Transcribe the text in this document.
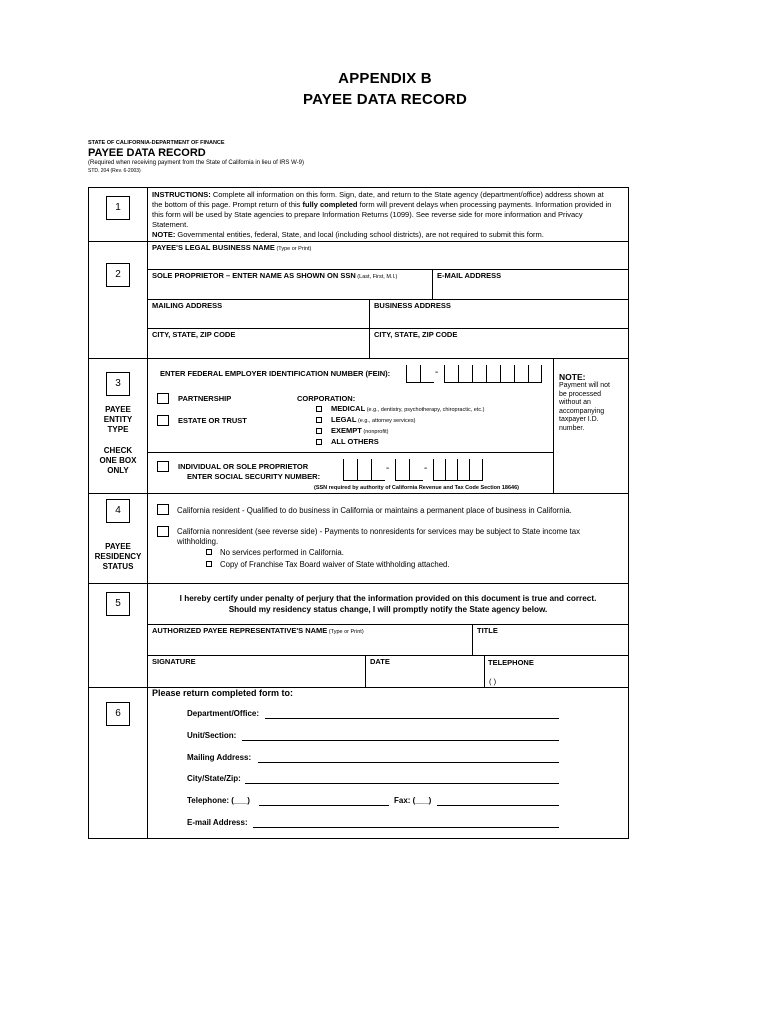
APPENDIX B
PAYEE DATA RECORD
STATE OF CALIFORNIA-DEPARTMENT OF FINANCE
PAYEE DATA RECORD
(Required when receiving payment from the State of California in lieu of IRS W-9)
STD. 204 (Rev. 6-2003)
1
INSTRUCTIONS: Complete all information on this form. Sign, date, and return to the State agency (department/office) address shown at
the bottom of this page. Prompt return of this fully completed form will prevent delays when processing payments. Information provided in
this form will be used by State agencies to prepare Information Returns (1099). See reverse side for more information and Privacy
Statement.
NOTE: Governmental entities, federal, State, and local (including school districts), are not required to submit this form.
2
PAYEE'S LEGAL BUSINESS NAME (Type or Print)
SOLE PROPRIETOR – ENTER NAME AS SHOWN ON SSN (Last, First, M.I.)	E-MAIL ADDRESS
MAILING ADDRESS	BUSINESS ADDRESS
CITY, STATE, ZIP CODE	CITY, STATE, ZIP CODE
3
PAYEE
ENTITY
TYPE
CHECK
ONE BOX
ONLY
NOTE:
Payment will not
be processed
without an
accompanying
taxpayer I.D.
number.
ENTER FEDERAL EMPLOYER IDENTIFICATION NUMBER (FEIN):	-
PARTNERSHIP
ESTATE OR TRUST
CORPORATION:
MEDICAL (e.g., dentistry, psychotherapy, chiropractic, etc.)
LEGAL (e.g., attorney services)
EXEMPT (nonprofit)
ALL OTHERS
INDIVIDUAL OR SOLE PROPRIETOR
ENTER SOCIAL SECURITY NUMBER:
-	-
(SSN required by authority of California Revenue and Tax Code Section 18646)
4
PAYEE
RESIDENCY
STATUS
California resident - Qualified to do business in California or maintains a permanent place of business in California.
California nonresident (see reverse side) - Payments to nonresidents for services may be subject to State income tax
withholding.
No services performed in California.
Copy of Franchise Tax Board waiver of State withholding attached.
5	I hereby certify under penalty of perjury that the information provided on this document is true and correct.
Should my residency status change, I will promptly notify the State agency below.
AUTHORIZED PAYEE REPRESENTATIVE'S NAME (Type or Print)	TITLE
SIGNATURE	DATE	TELEPHONE
( )
6
Please return completed form to:
Department/Office:
Unit/Section:
Mailing Address:
City/State/Zip:
Telephone: (___)	Fax: (___)
E-mail Address:
